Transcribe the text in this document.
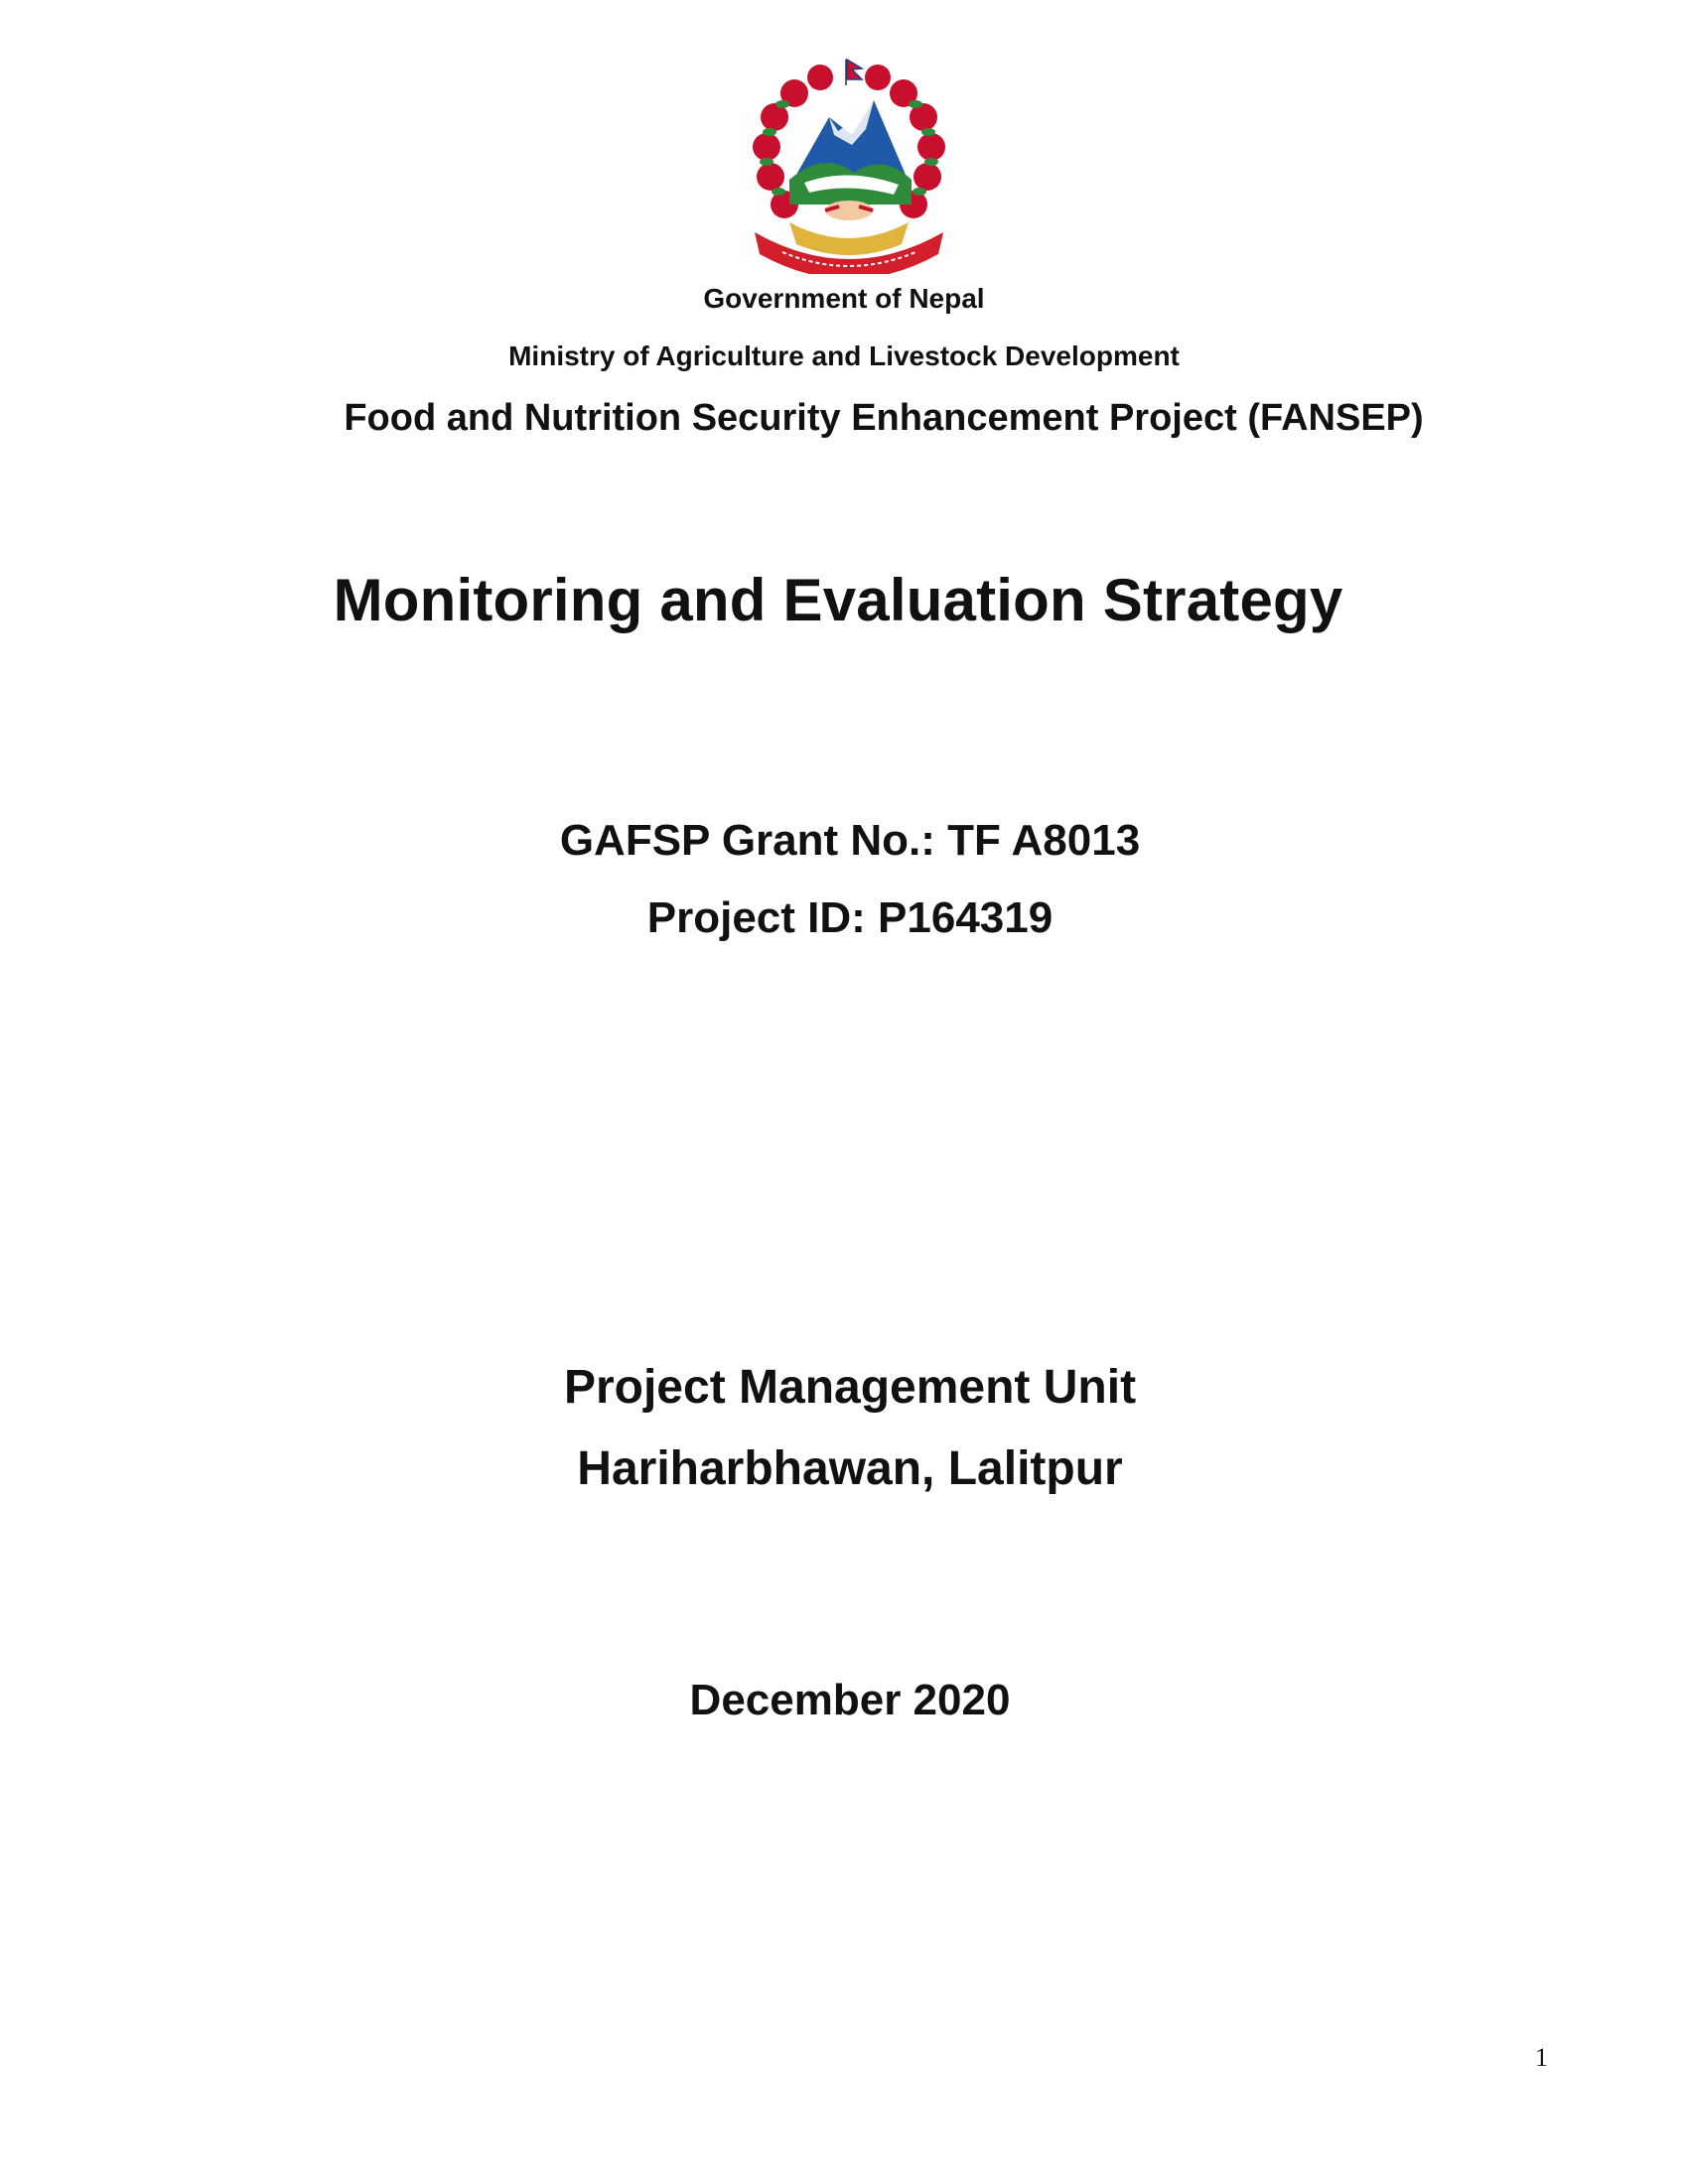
Government of Nepal
Ministry of Agriculture and Livestock Development
Food and Nutrition Security Enhancement Project (FANSEP)
Monitoring and Evaluation Strategy
GAFSP Grant No.: TF A8013
Project ID: P164319
Project Management Unit
Hariharbhawan, Lalitpur
December 2020
1
